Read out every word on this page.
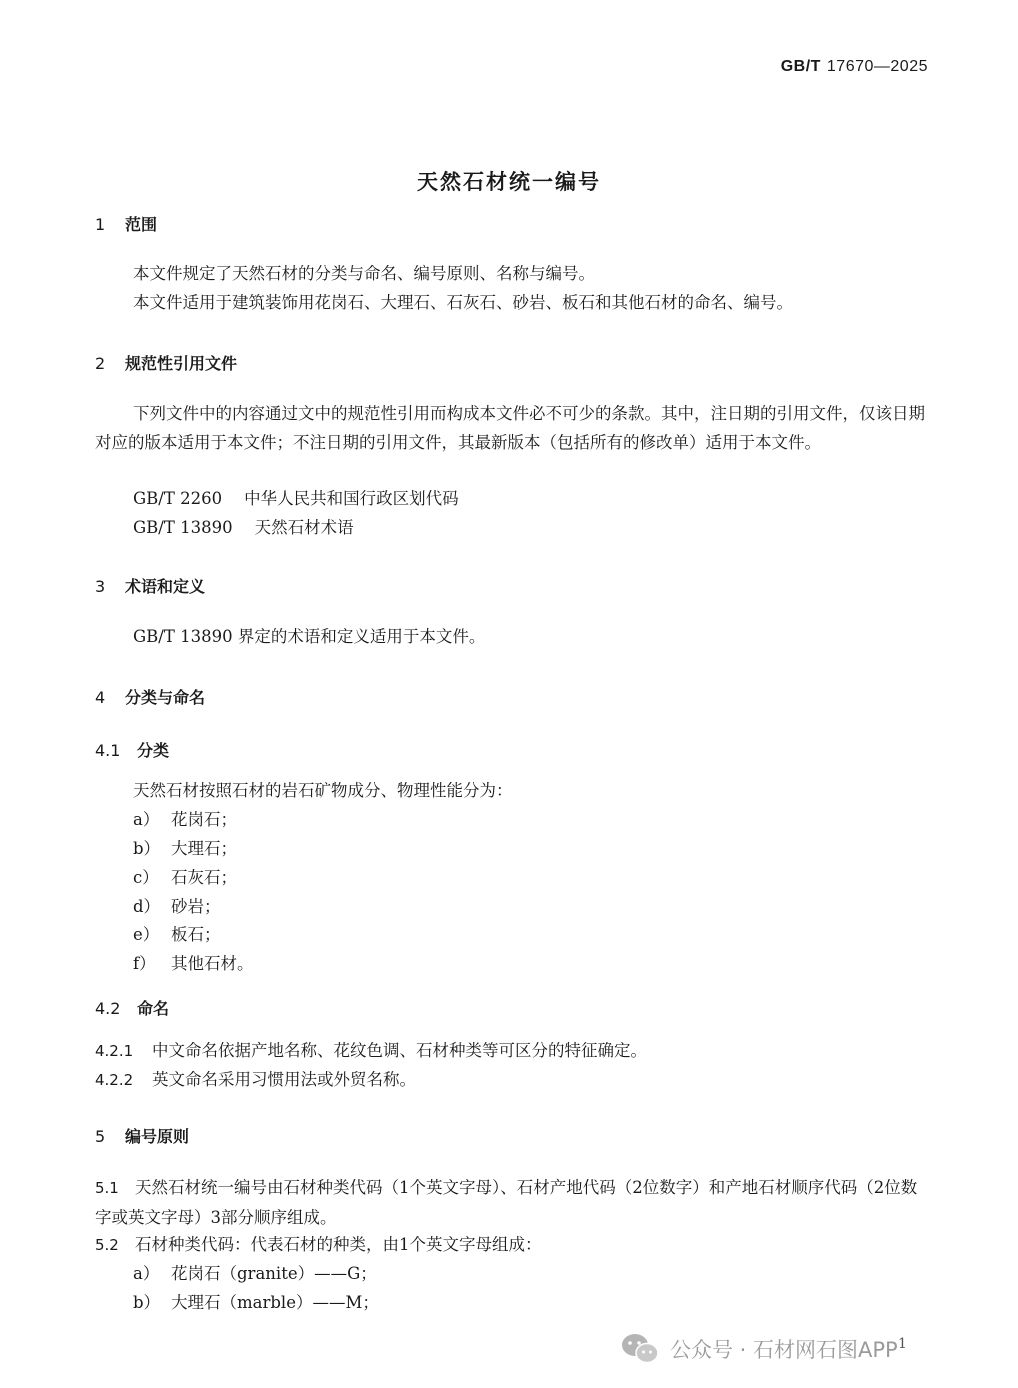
GB/T 17670—2025
天然石材统一编号
1 范围
本文件规定了天然石材的分类与命名、编号原则、名称与编号。
本文件适用于建筑装饰用花岗石、大理石、石灰石、砂岩、板石和其他石材的命名、编号。
2 规范性引用文件
下列文件中的内容通过文中的规范性引用而构成本文件必不可少的条款。其中，注日期的引用文件，仅该日期对应的版本适用于本文件；不注日期的引用文件，其最新版本（包括所有的修改单）适用于本文件。
GB/T 2260 中华人民共和国行政区划代码
GB/T 13890 天然石材术语
3 术语和定义
GB/T 13890 界定的术语和定义适用于本文件。
4 分类与命名
4.1 分类
天然石材按照石材的岩石矿物成分、物理性能分为：
a） 花岗石；
b） 大理石；
c） 石灰石；
d） 砂岩；
e） 板石；
f） 其他石材。
4.2 命名
4.2.1 中文命名依据产地名称、花纹色调、石材种类等可区分的特征确定。
4.2.2 英文命名采用习惯用法或外贸名称。
5 编号原则
5.1 天然石材统一编号由石材种类代码（1个英文字母）、石材产地代码（2位数字）和产地石材顺序代码（2位数字或英文字母）3部分顺序组成。
5.2 石材种类代码：代表石材的种类，由1个英文字母组成：
a） 花岗石（granite）——G；
b） 大理石（marble）——M；
1
公众号 · 石材网石图APP
